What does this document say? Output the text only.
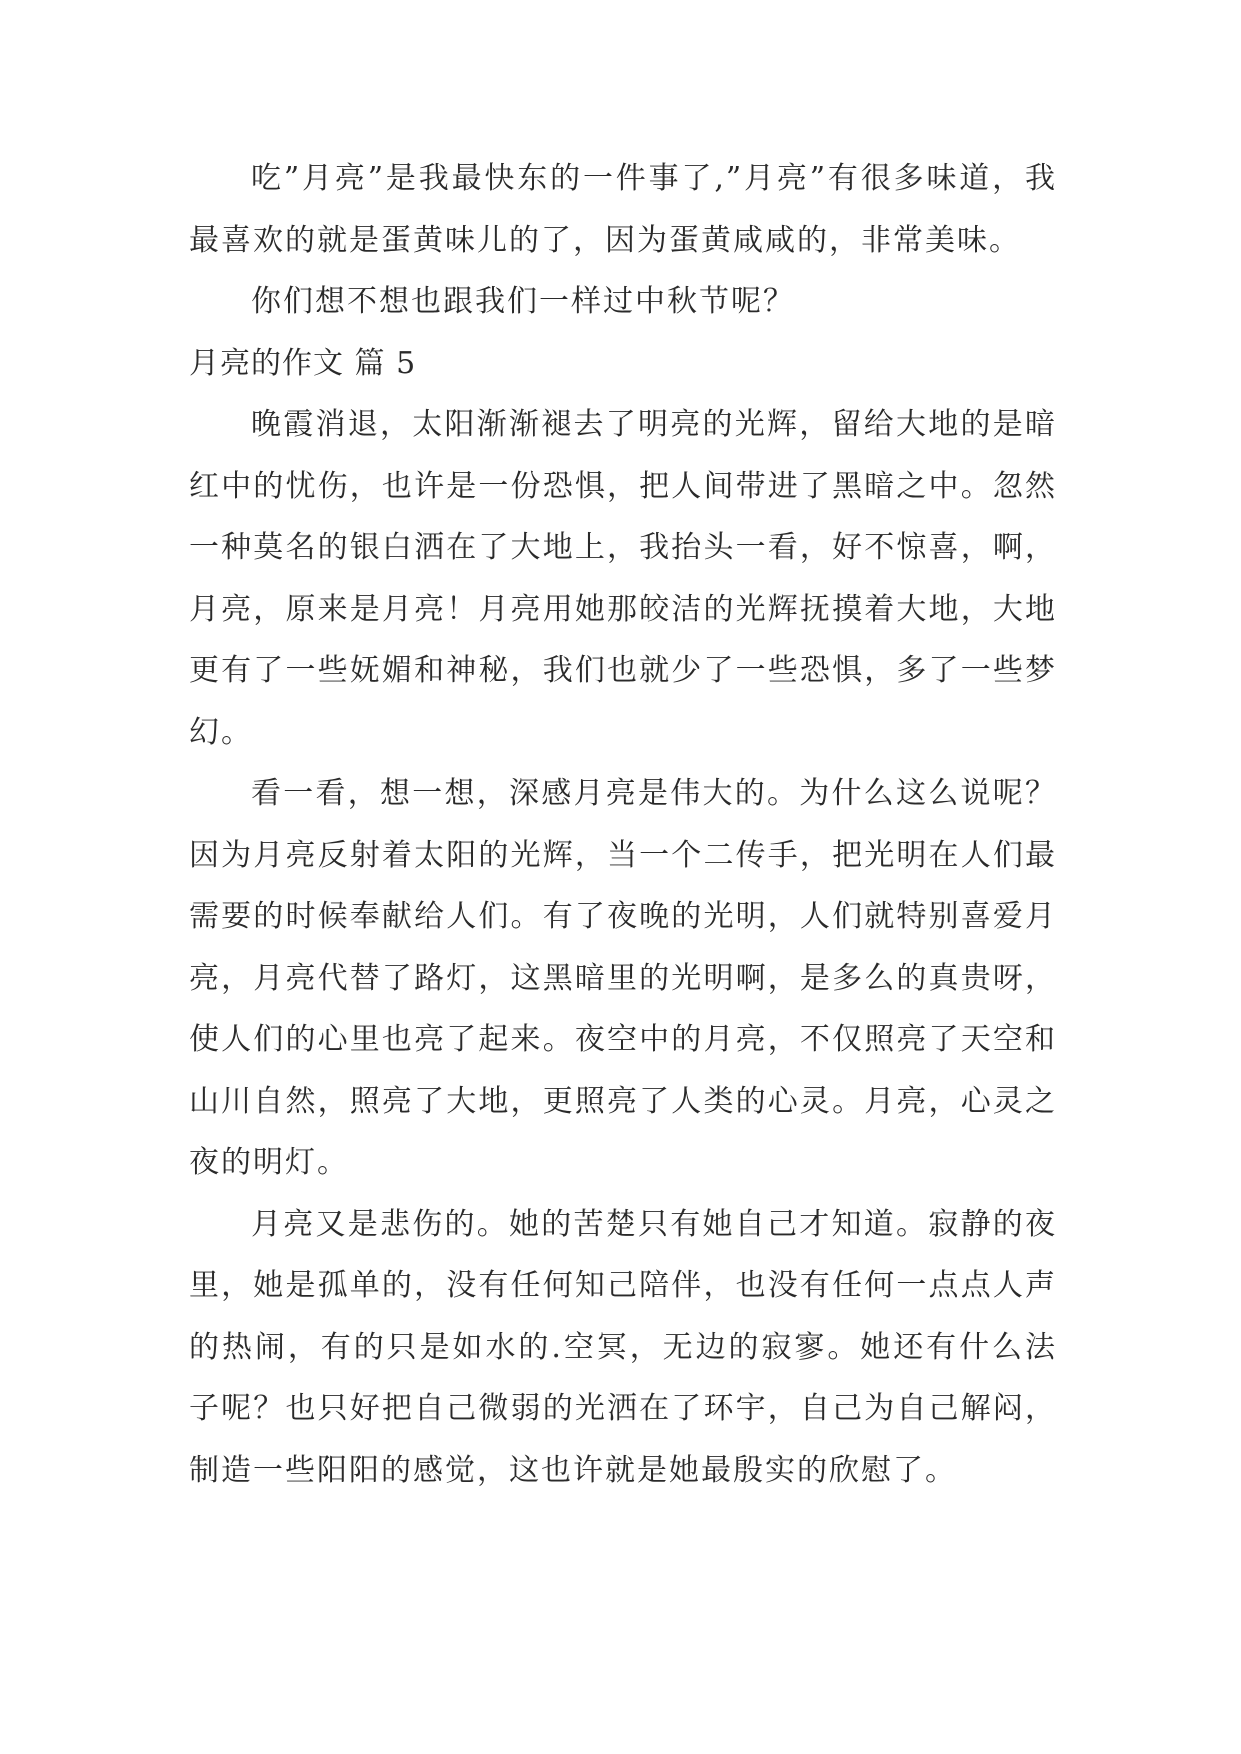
吃”月亮”是我最快东的一件事了,”月亮”有很多味道，我最喜欢的就是蛋黄味儿的了，因为蛋黄咸咸的，非常美味。

你们想不想也跟我们一样过中秋节呢？

月亮的作文 篇 5

晚霞消退，太阳渐渐褪去了明亮的光辉，留给大地的是暗红中的忧伤，也许是一份恐惧，把人间带进了黑暗之中。忽然一种莫名的银白洒在了大地上，我抬头一看，好不惊喜，啊，月亮，原来是月亮！月亮用她那皎洁的光辉抚摸着大地，大地更有了一些妩媚和神秘，我们也就少了一些恐惧，多了一些梦幻。

看一看，想一想，深感月亮是伟大的。为什么这么说呢？因为月亮反射着太阳的光辉，当一个二传手，把光明在人们最需要的时候奉献给人们。有了夜晚的光明，人们就特别喜爱月亮，月亮代替了路灯，这黑暗里的光明啊，是多么的真贵呀，使人们的心里也亮了起来。夜空中的月亮，不仅照亮了天空和山川自然，照亮了大地，更照亮了人类的心灵。月亮，心灵之夜的明灯。

月亮又是悲伤的。她的苦楚只有她自己才知道。寂静的夜里，她是孤单的，没有任何知己陪伴，也没有任何一点点人声的热闹，有的只是如水的.空冥，无边的寂寥。她还有什么法子呢？也只好把自己微弱的光洒在了环宇，自己为自己解闷，制造一些阳阳的感觉，这也许就是她最殷实的欣慰了。
